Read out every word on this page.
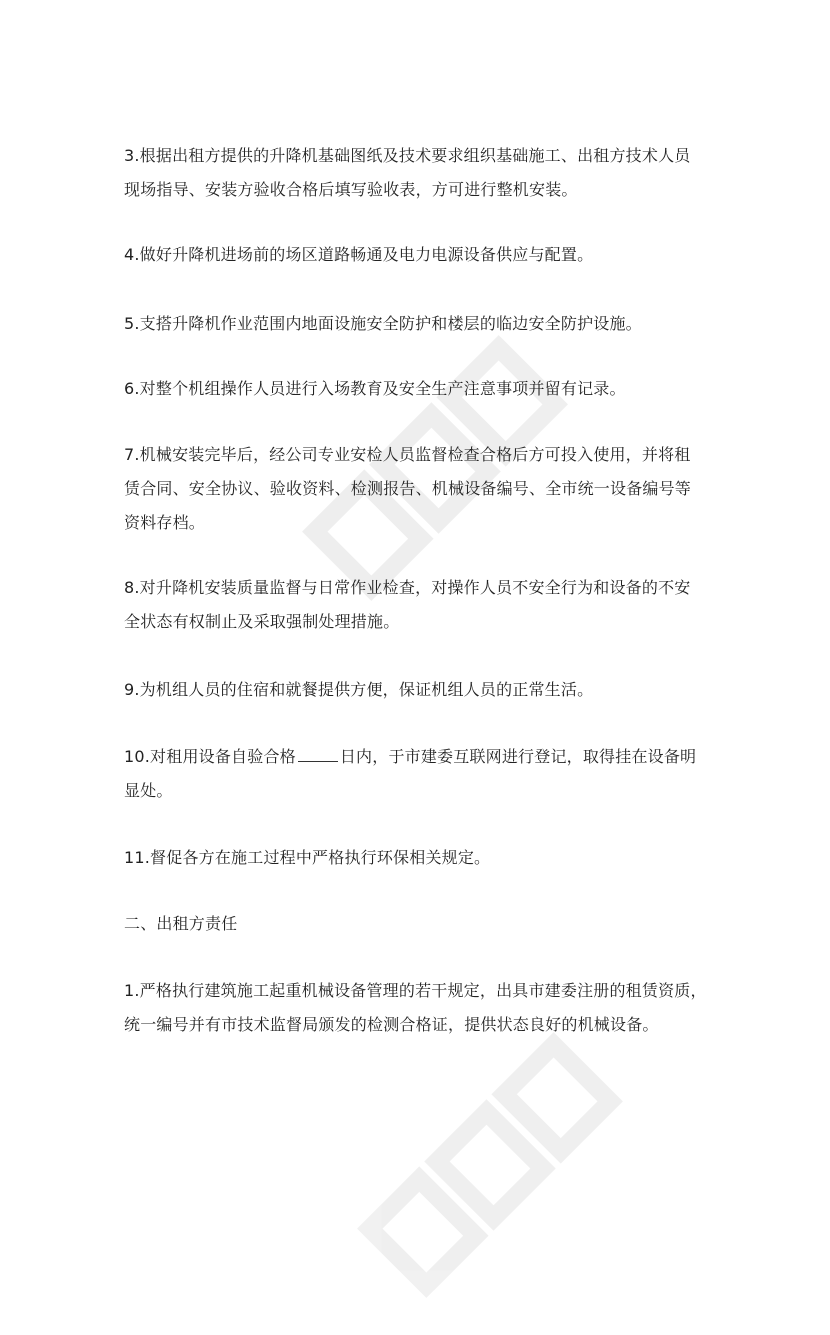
3.根据出租方提供的升降机基础图纸及技术要求组织基础施工、出租方技术人员
现场指导、安装方验收合格后填写验收表，方可进行整机安装。

4.做好升降机进场前的场区道路畅通及电力电源设备供应与配置。

5.支搭升降机作业范围内地面设施安全防护和楼层的临边安全防护设施。

6.对整个机组操作人员进行入场教育及安全生产注意事项并留有记录。

7.机械安装完毕后，经公司专业安检人员监督检查合格后方可投入使用，并将租
赁合同、安全协议、验收资料、检测报告、机械设备编号、全市统一设备编号等
资料存档。

8.对升降机安装质量监督与日常作业检查，对操作人员不安全行为和设备的不安
全状态有权制止及采取强制处理措施。

9.为机组人员的住宿和就餐提供方便，保证机组人员的正常生活。

10.对租用设备自验合格	日内，于市建委互联网进行登记，取得挂在设备明
显处。

11.督促各方在施工过程中严格执行环保相关规定。

二、出租方责任

1.严格执行建筑施工起重机械设备管理的若干规定，出具市建委注册的租赁资质，
统一编号并有市技术监督局颁发的检测合格证，提供状态良好的机械设备。
